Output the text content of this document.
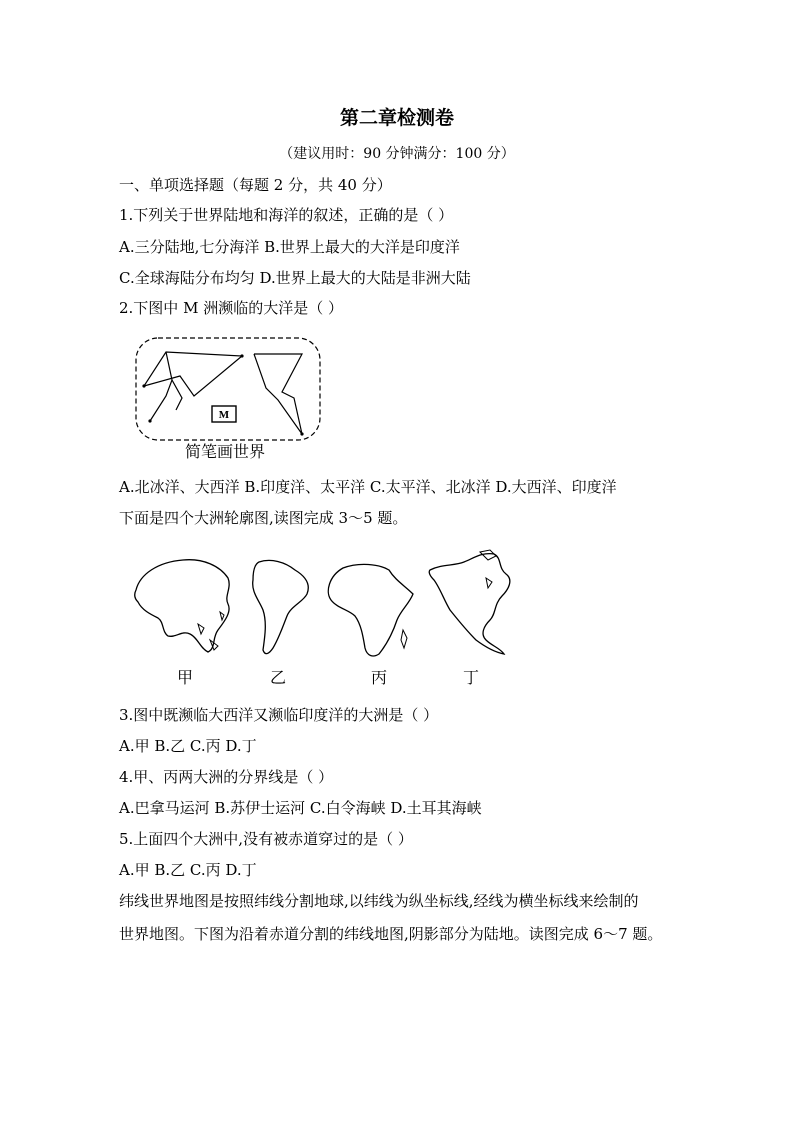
第二章检测卷
（建议用时：90 分钟满分：100 分）
一、单项选择题（每题 2 分，共 40 分）
1.下列关于世界陆地和海洋的叙述，正确的是（ ）
A.三分陆地,七分海洋 B.世界上最大的大洋是印度洋
C.全球海陆分布均匀 D.世界上最大的大陆是非洲大陆
2.下图中 M 洲濒临的大洋是（ ）
M
简笔画世界
A.北冰洋、大西洋 B.印度洋、太平洋 C.太平洋、北冰洋 D.大西洋、印度洋
下面是四个大洲轮廓图,读图完成 3～5 题。
甲	乙	丙	丁
3.图中既濒临大西洋又濒临印度洋的大洲是（ ）
A.甲 B.乙 C.丙 D.丁
4.甲、丙两大洲的分界线是（ ）
A.巴拿马运河 B.苏伊士运河 C.白令海峡 D.土耳其海峡
5.上面四个大洲中,没有被赤道穿过的是（ ）
A.甲 B.乙 C.丙 D.丁
纬线世界地图是按照纬线分割地球,以纬线为纵坐标线,经线为横坐标线来绘制的
世界地图。下图为沿着赤道分割的纬线地图,阴影部分为陆地。读图完成 6～7 题。
